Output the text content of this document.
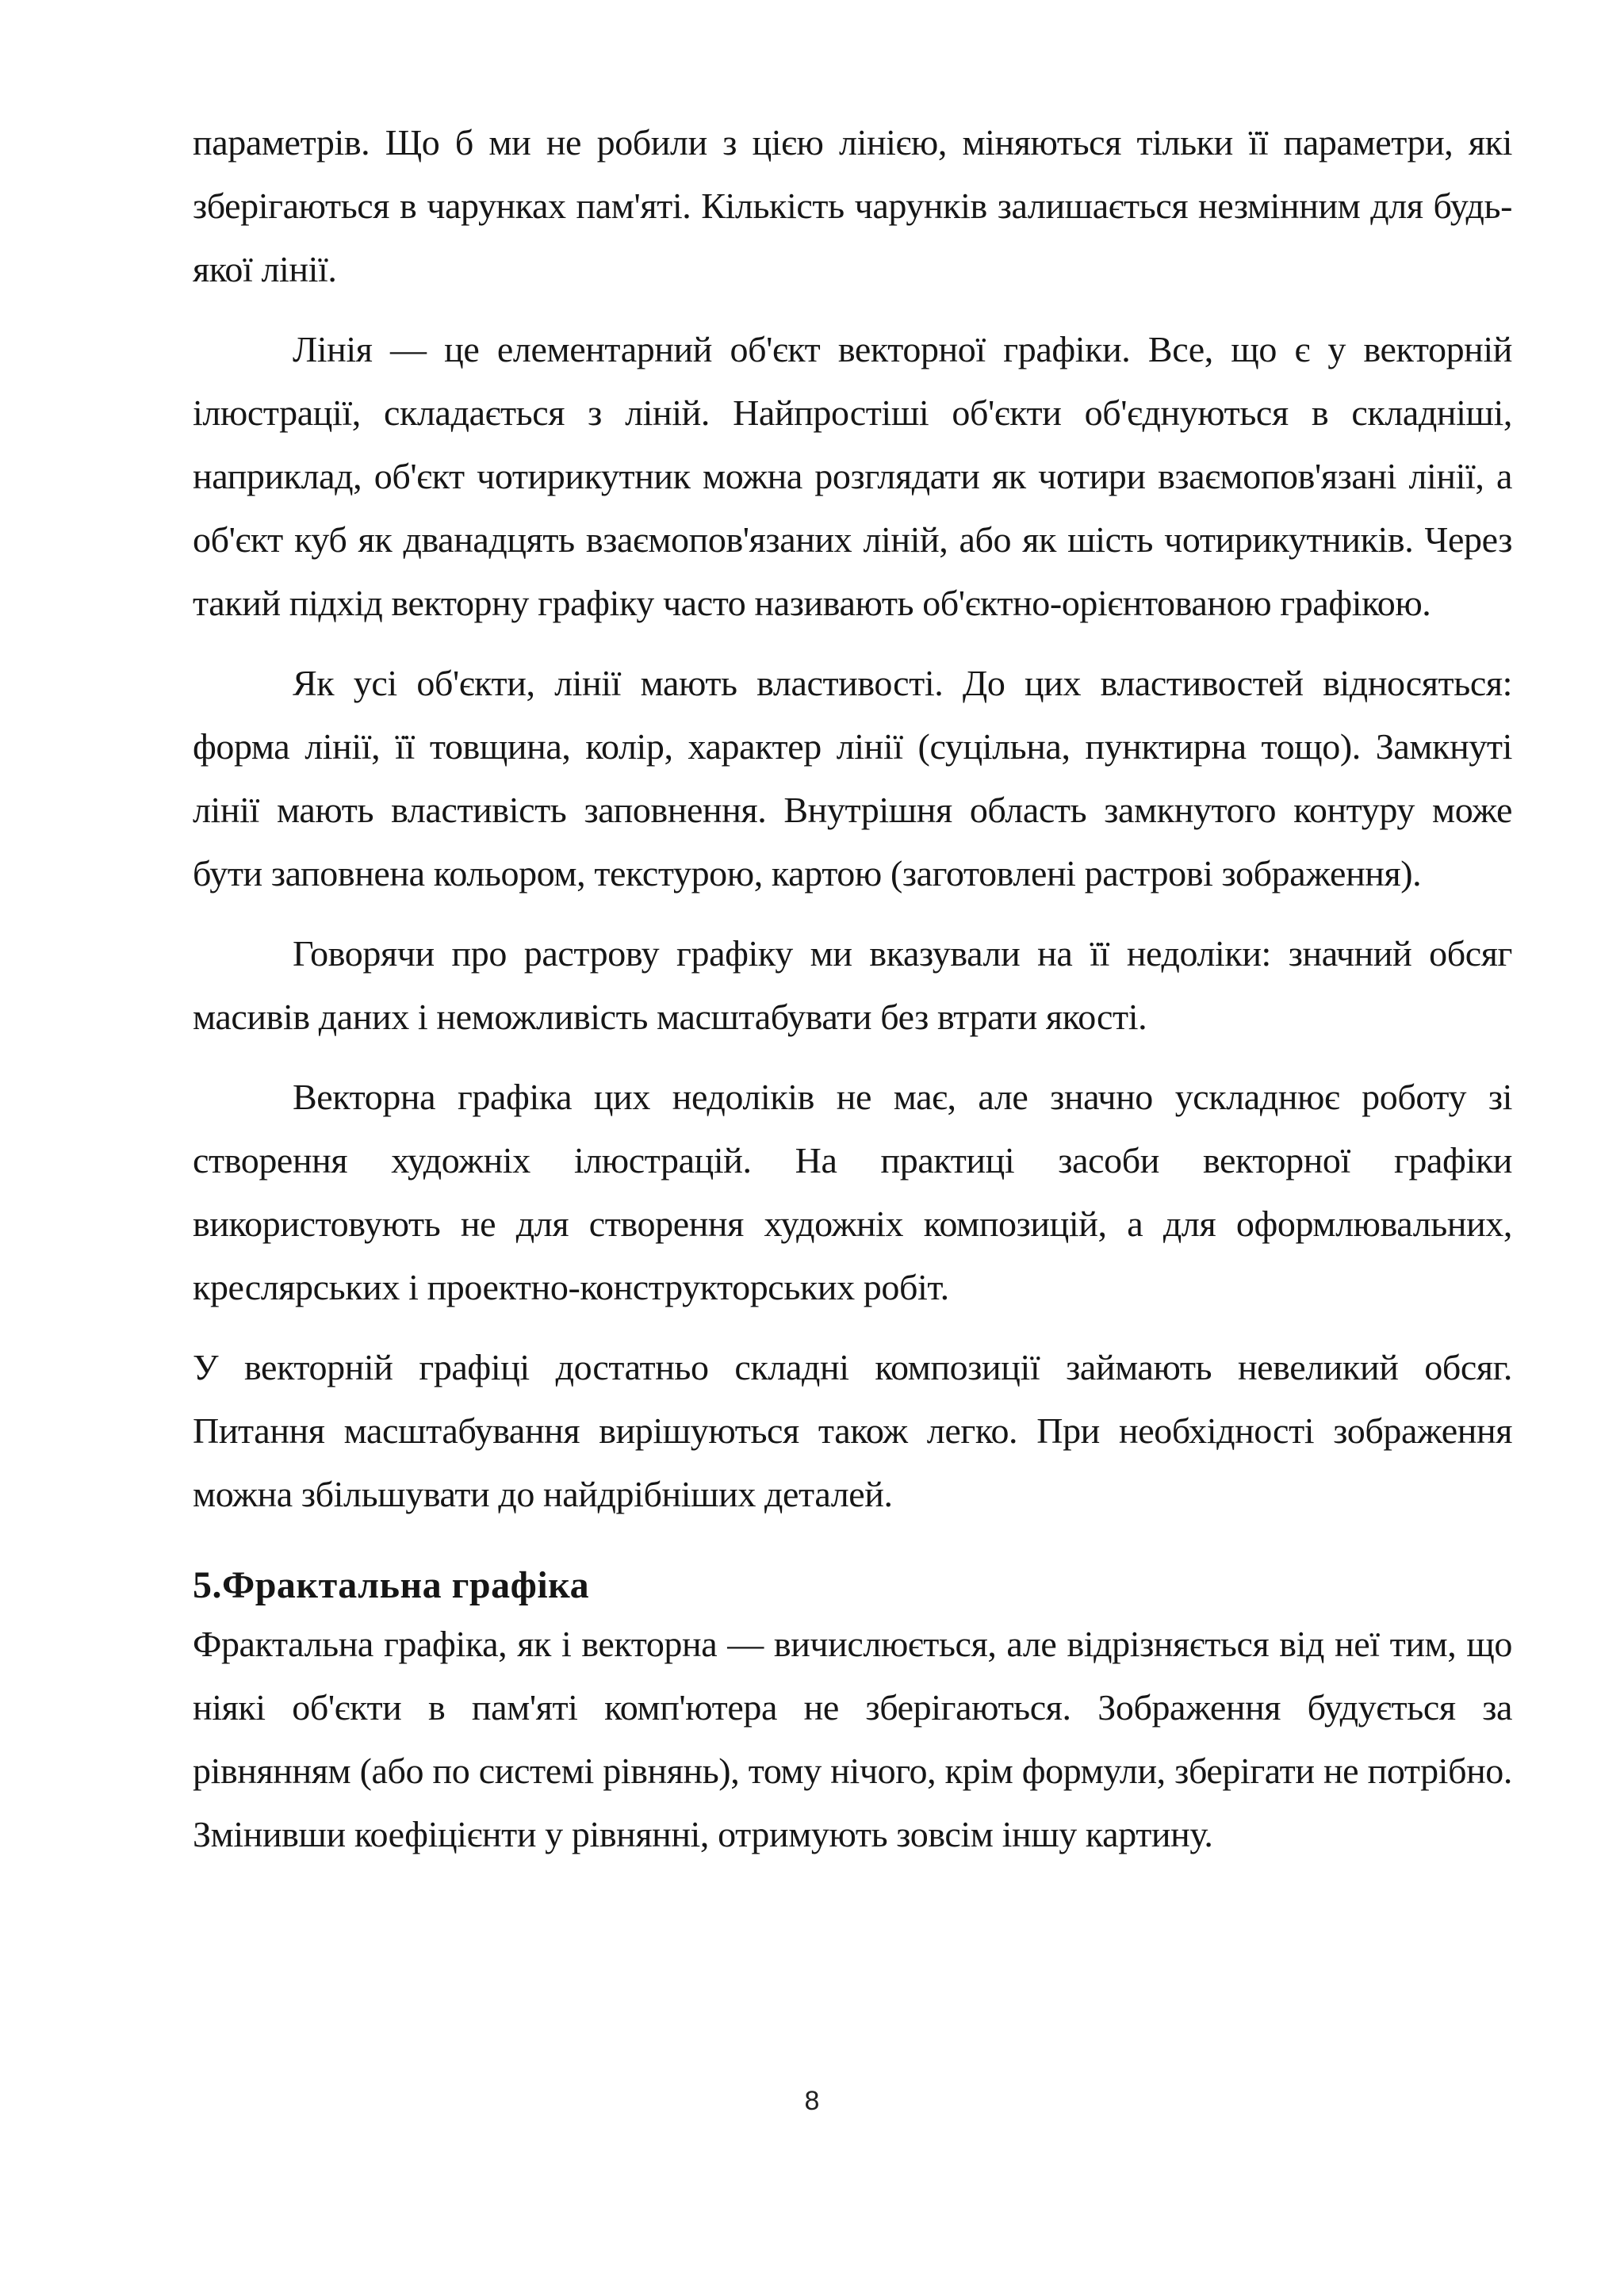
параметрів. Що б ми не робили з цією лінією, міняються тільки її параметри, які зберігаються в чарунках пам'яті. Кількість чарунків залишається незмінним для будь-якої лінії.

Лінія — це елементарний об'єкт векторної графіки. Все, що є у векторній ілюстрації, складається з ліній. Найпростіші об'єкти об'єднуються в складніші, наприклад, об'єкт чотирикутник можна розглядати як чотири взаємопов'язані лінії, а об'єкт куб як дванадцять взаємопов'язаних ліній, або як шість чотирикутників. Через такий підхід векторну графіку часто називають об'єктно-орієнтованою графікою.

Як усі об'єкти, лінії мають властивості. До цих властивостей відносяться: форма лінії, її товщина, колір, характер лінії (суцільна, пунктирна тощо). Замкнуті лінії мають властивість заповнення. Внутрішня область замкнутого контуру може бути заповнена кольором, текстурою, картою (заготовлені растрові зображення).

Говорячи про растрову графіку ми вказували на її недоліки: значний обсяг масивів даних і неможливість масштабувати без втрати якості.

Векторна графіка цих недоліків не має, але значно ускладнює роботу зі створення художніх ілюстрацій. На практиці засоби векторної графіки використовують не для створення художніх композицій, а для оформлювальних, креслярських і проектно-конструкторських робіт.

У векторній графіці достатньо складні композиції займають невеликий обсяг. Питання масштабування вирішуються також легко. При необхідності зображення можна збільшувати до найдрібніших деталей.

5.Фрактальна графіка

Фрактальна графіка, як і векторна — вичислюється, але відрізняється від неї тим, що ніякі об'єкти в пам'яті комп'ютера не зберігаються. Зображення будується за рівнянням (або по системі рівнянь), тому нічого, крім формули, зберігати не потрібно. Змінивши коефіцієнти у рівнянні, отримують зовсім іншу картину.

8
